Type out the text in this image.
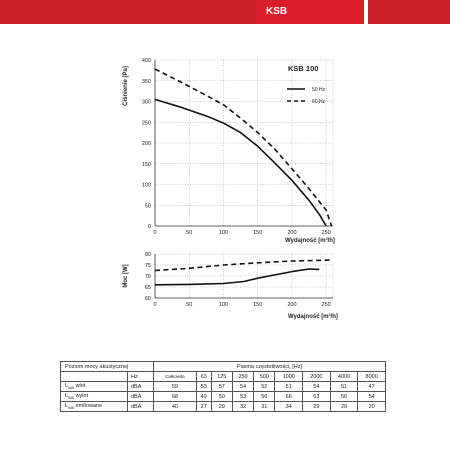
KSB
0	50	100	150	200	250
0
50
100
150
200
250
300
350
400
Wydajność [m³/h]
Ciśnienie [Pa]
0	50	100	150	200	250
60
65
70
75
80
Wydajność [m³/h]
Moc [W]
KSB 100
50 Hz
60 Hz
Poziom mocy akustycznej		Pasma częstotliwości, [Hz]								
	Hz	Całkowita	63	125	250	500	1000	2000	4000	8000
$L_{WA}$ wlot	dBA	59	53	57	54	52	51	54	51	47
$L_{WA}$ wylot	dBA	68	49	50	53	56	66	63	56	54
$L_{WA}$ emitowane	dBA	40	27	29	32	31	34	29	29	20
